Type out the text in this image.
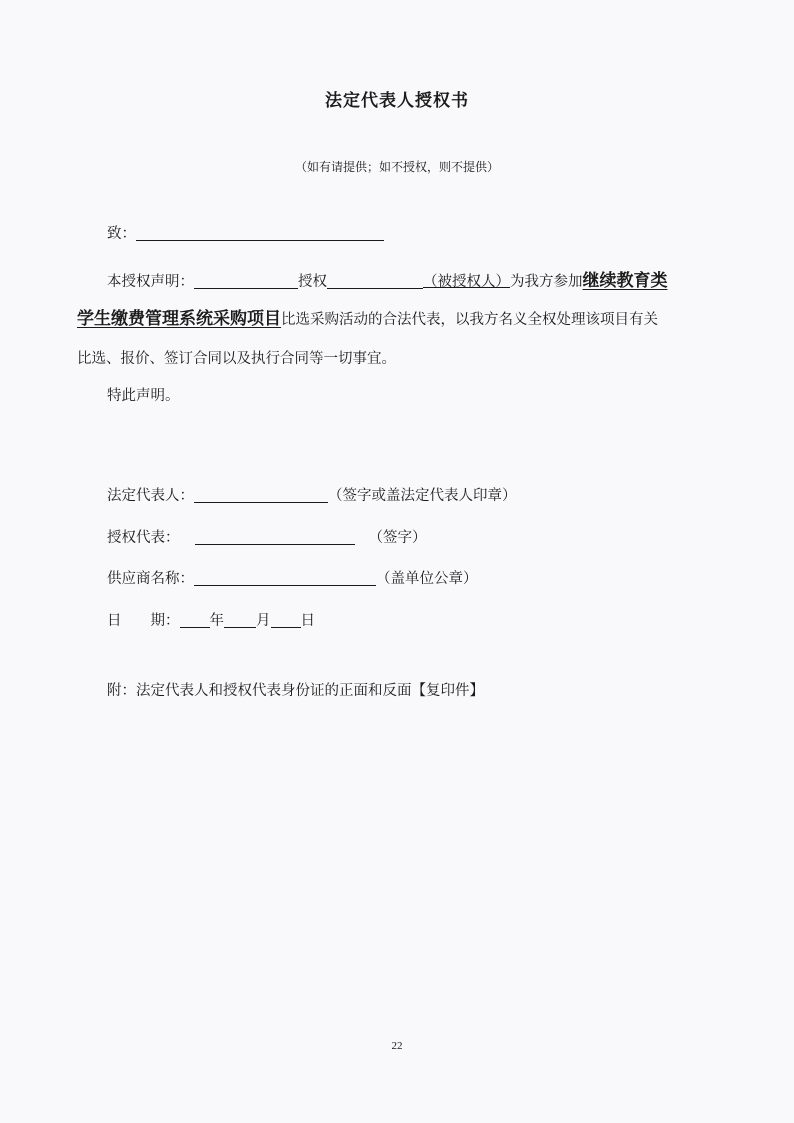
法定代表人授权书
（如有请提供；如不授权，则不提供）
致：
本授权声明：	授权	（被授权人）为我方参加继续教育类
学生缴费管理系统采购项目比选采购活动的合法代表，以我方名义全权处理该项目有关
比选、报价、签订合同以及执行合同等一切事宜。
特此声明。
法定代表人：	（签字或盖法定代表人印章）
授权代表：	（签字）
供应商名称：	（盖单位公章）
日　　期： 年 月 日
附：法定代表人和授权代表身份证的正面和反面【复印件】
22
